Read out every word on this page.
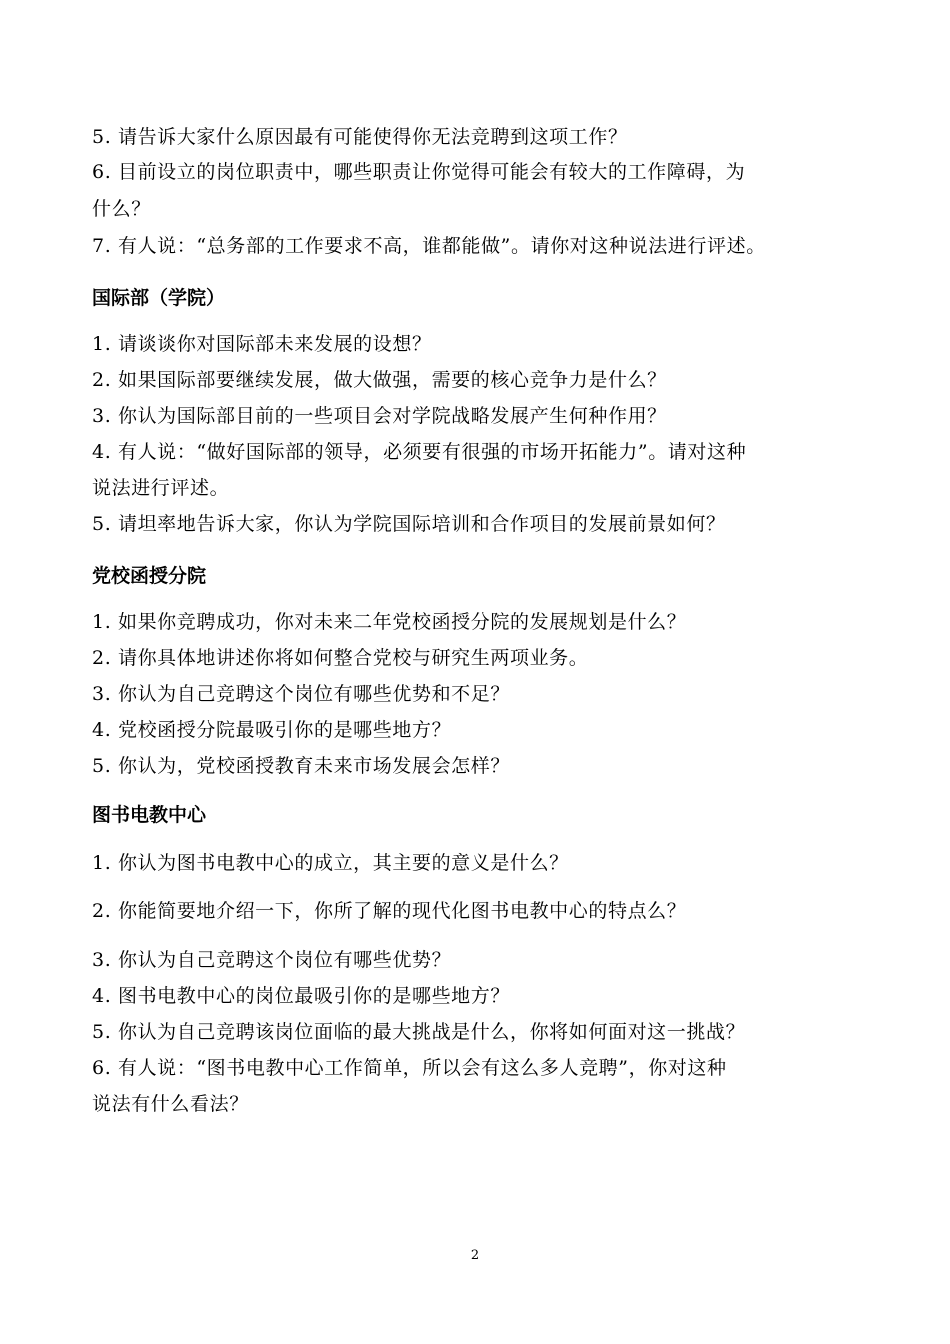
5. 请告诉大家什么原因最有可能使得你无法竞聘到这项工作？
6. 目前设立的岗位职责中，哪些职责让你觉得可能会有较大的工作障碍，为
什么？
7. 有人说：“总务部的工作要求不高，谁都能做”。请你对这种说法进行评述。
国际部（学院）
1. 请谈谈你对国际部未来发展的设想？
2. 如果国际部要继续发展，做大做强，需要的核心竞争力是什么？
3. 你认为国际部目前的一些项目会对学院战略发展产生何种作用？
4. 有人说：“做好国际部的领导，必须要有很强的市场开拓能力”。请对这种
说法进行评述。
5. 请坦率地告诉大家，你认为学院国际培训和合作项目的发展前景如何？
党校函授分院
1. 如果你竞聘成功，你对未来二年党校函授分院的发展规划是什么？
2. 请你具体地讲述你将如何整合党校与研究生两项业务。
3. 你认为自己竞聘这个岗位有哪些优势和不足？
4. 党校函授分院最吸引你的是哪些地方？
5. 你认为，党校函授教育未来市场发展会怎样？
图书电教中心
1. 你认为图书电教中心的成立，其主要的意义是什么？
2. 你能简要地介绍一下，你所了解的现代化图书电教中心的特点么？
3. 你认为自己竞聘这个岗位有哪些优势？
4. 图书电教中心的岗位最吸引你的是哪些地方？
5. 你认为自己竞聘该岗位面临的最大挑战是什么，你将如何面对这一挑战？
6. 有人说：“图书电教中心工作简单，所以会有这么多人竞聘”，你对这种
说法有什么看法？
2
